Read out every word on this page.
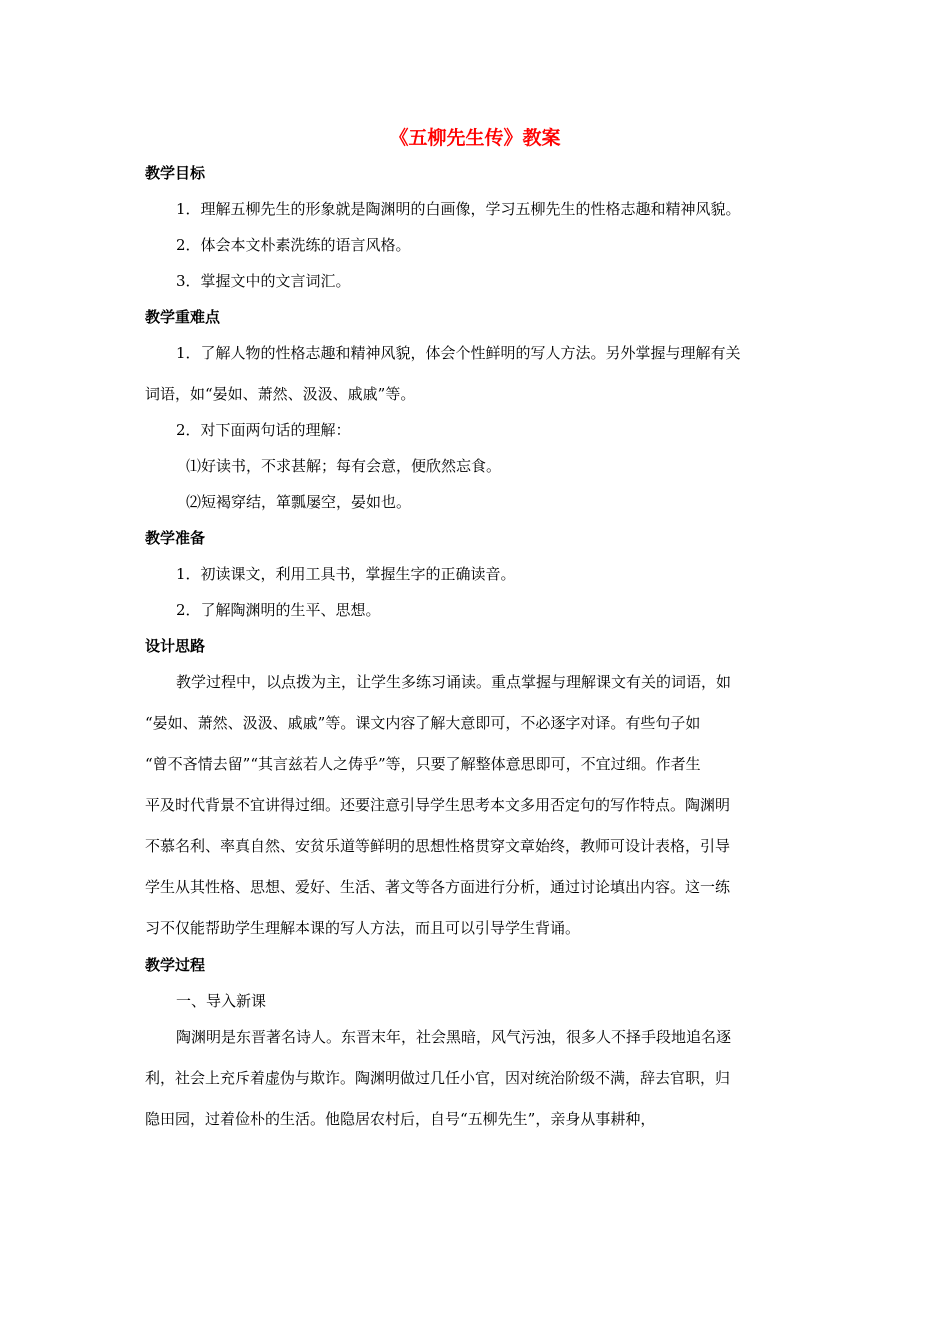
《五柳先生传》教案
教学目标
1．理解五柳先生的形象就是陶渊明的白画像，学习五柳先生的性格志趣和精神风貌。
2．体会本文朴素洗练的语言风格。
3．掌握文中的文言词汇。
教学重难点
1．了解人物的性格志趣和精神风貌，体会个性鲜明的写人方法。另外掌握与理解有关
词语，如“晏如、萧然、汲汲、戚戚”等。
2．对下面两句话的理解：
⑴好读书，不求甚解；每有会意，便欣然忘食。
⑵短褐穿结，箪瓢屡空，晏如也。
教学准备
1．初读课文，利用工具书，掌握生字的正确读音。
2．了解陶渊明的生平、思想。
设计思路
教学过程中，以点拨为主，让学生多练习诵读。重点掌握与理解课文有关的词语，如
“晏如、萧然、汲汲、戚戚”等。课文内容了解大意即可，不必逐字对译。有些句子如
“曾不吝情去留”“其言兹若人之俦乎”等，只要了解整体意思即可，不宜过细。作者生
平及时代背景不宜讲得过细。还要注意引导学生思考本文多用否定句的写作特点。陶渊明
不慕名利、率真自然、安贫乐道等鲜明的思想性格贯穿文章始终，教师可设计表格，引导
学生从其性格、思想、爱好、生活、著文等各方面进行分析，通过讨论填出内容。这一练
习不仅能帮助学生理解本课的写人方法，而且可以引导学生背诵。
教学过程
一、导入新课
陶渊明是东晋著名诗人。东晋末年，社会黑暗，风气污浊，很多人不择手段地追名逐
利，社会上充斥着虚伪与欺诈。陶渊明做过几任小官，因对统治阶级不满，辞去官职，归
隐田园，过着俭朴的生活。他隐居农村后，自号“五柳先生”，亲身从事耕种，
